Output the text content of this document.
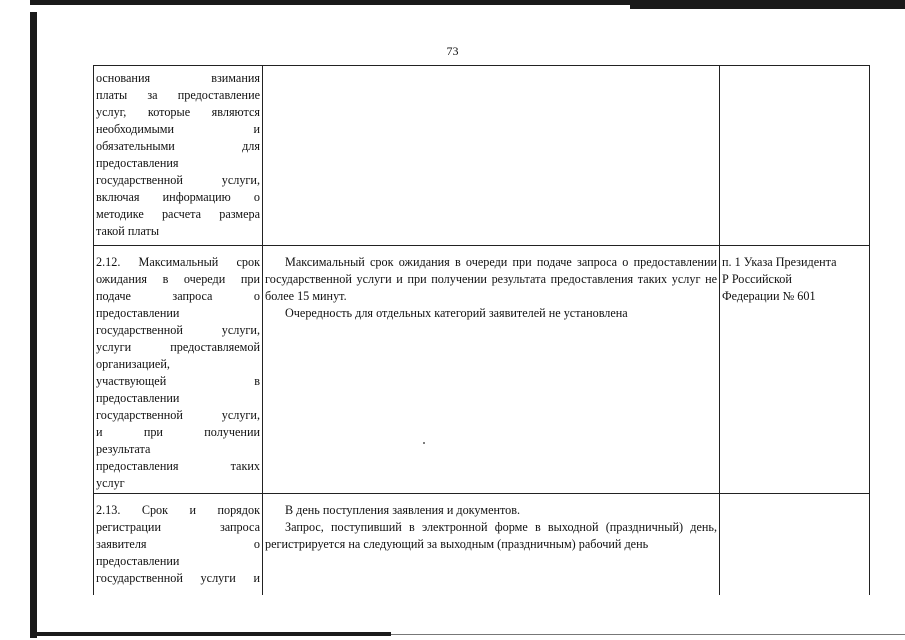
73
основания взимания
платы за предоставление
услуг, которые являются
необходимыми и
обязательными для
предоставления
государственной услуги,
включая информацию о
методике расчета размера
такой платы
2.12. Максимальный срок
ожидания в очереди при
подаче запроса о
предоставлении
государственной услуги,
услуги предоставляемой
организацией,
участвующей в
предоставлении
государственной услуги,
и при получении
результата
предоставления таких
услуг
Максимальный срок ожидания в очереди при подаче запроса о предоставлении государственной услуги и при получении результата предоставления таких услуг не более 15 минут.
Очередность для отдельных категорий заявителей не установлена
п. 1 Указа Президента
Р Российской
Федерации № 601
2.13. Срок и порядок
регистрации запроса
заявителя о
предоставлении
государственной услуги и
В день поступления заявления и документов.
Запрос, поступивший в электронной форме в выходной (праздничный) день, регистрируется на следующий за выходным (праздничным) рабочий день
